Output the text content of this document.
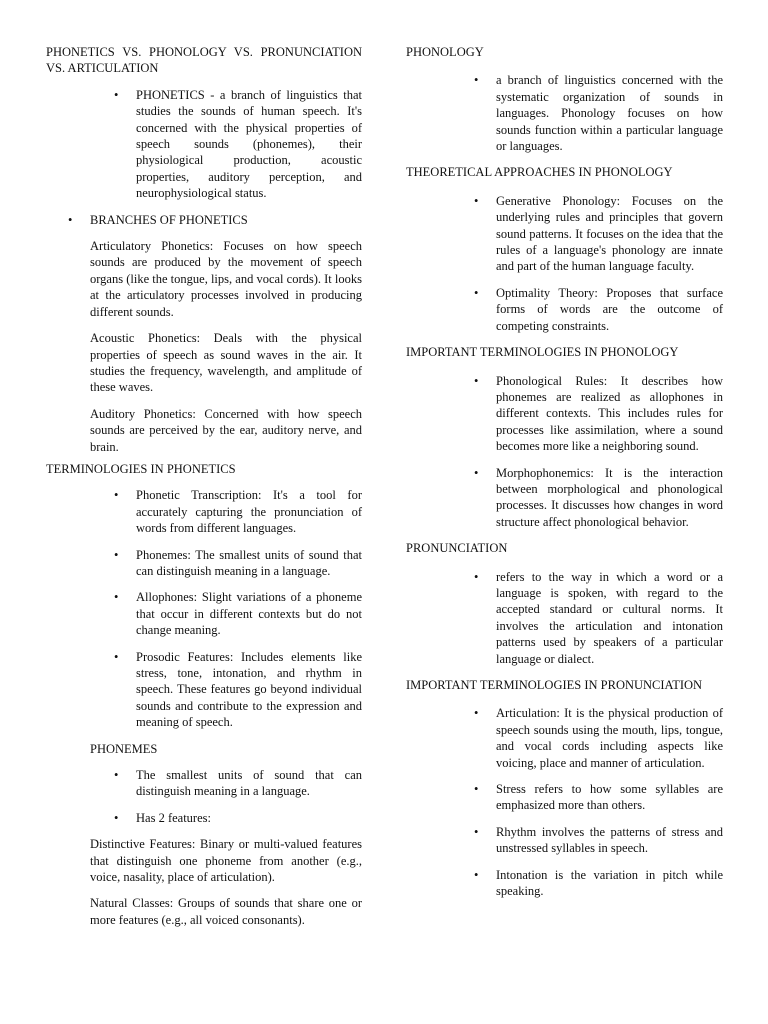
PHONETICS VS. PHONOLOGY VS. PRONUNCIATION VS. ARTICULATION

• PHONETICS - a branch of linguistics that studies the sounds of human speech. It's concerned with the physical properties of speech sounds (phonemes), their physiological production, acoustic properties, auditory perception, and neurophysiological status.
• BRANCHES OF PHONETICS

Articulatory Phonetics: Focuses on how speech sounds are produced by the movement of speech organs (like the tongue, lips, and vocal cords). It looks at the articulatory processes involved in producing different sounds.

Acoustic Phonetics: Deals with the physical properties of speech as sound waves in the air. It studies the frequency, wavelength, and amplitude of these waves.

Auditory Phonetics: Concerned with how speech sounds are perceived by the ear, auditory nerve, and brain.

TERMINOLOGIES IN PHONETICS

• Phonetic Transcription: It's a tool for accurately capturing the pronunciation of words from different languages.
• Phonemes: The smallest units of sound that can distinguish meaning in a language.
• Allophones: Slight variations of a phoneme that occur in different contexts but do not change meaning.
• Prosodic Features: Includes elements like stress, tone, intonation, and rhythm in speech. These features go beyond individual sounds and contribute to the expression and meaning of speech.

PHONEMES

• The smallest units of sound that can distinguish meaning in a language.
• Has 2 features:

Distinctive Features: Binary or multi-valued features that distinguish one phoneme from another (e.g., voice, nasality, place of articulation).

Natural Classes: Groups of sounds that share one or more features (e.g., all voiced consonants).

PHONOLOGY

• a branch of linguistics concerned with the systematic organization of sounds in languages. Phonology focuses on how sounds function within a particular language or languages.

THEORETICAL APPROACHES IN PHONOLOGY

• Generative Phonology: Focuses on the underlying rules and principles that govern sound patterns. It focuses on the idea that the rules of a language's phonology are innate and part of the human language faculty.
• Optimality Theory: Proposes that surface forms of words are the outcome of competing constraints.

IMPORTANT TERMINOLOGIES IN PHONOLOGY

• Phonological Rules: It describes how phonemes are realized as allophones in different contexts. This includes rules for processes like assimilation, where a sound becomes more like a neighboring sound.
• Morphophonemics: It is the interaction between morphological and phonological processes. It discusses how changes in word structure affect phonological behavior.

PRONUNCIATION

• refers to the way in which a word or a language is spoken, with regard to the accepted standard or cultural norms. It involves the articulation and intonation patterns used by speakers of a particular language or dialect.

IMPORTANT TERMINOLOGIES IN PRONUNCIATION

• Articulation: It is the physical production of speech sounds using the mouth, lips, tongue, and vocal cords including aspects like voicing, place and manner of articulation.
• Stress refers to how some syllables are emphasized more than others.
• Rhythm involves the patterns of stress and unstressed syllables in speech.
• Intonation is the variation in pitch while speaking.
